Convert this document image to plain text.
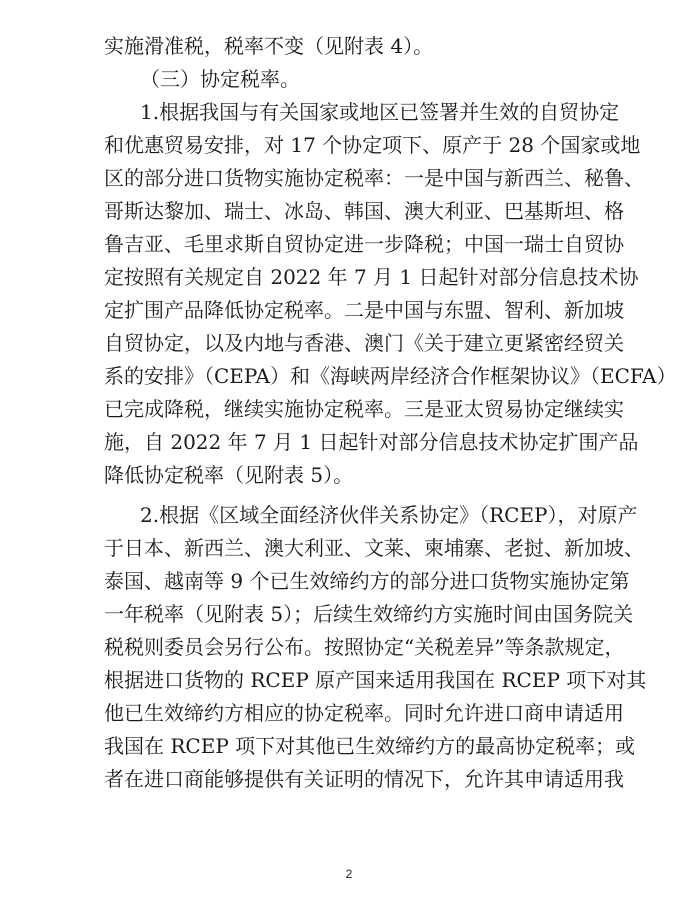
实施滑准税，税率不变（见附表 4）。
（三）协定税率。
1.根据我国与有关国家或地区已签署并生效的自贸协定
和优惠贸易安排，对 17 个协定项下、原产于 28 个国家或地
区的部分进口货物实施协定税率：一是中国与新西兰、秘鲁、
哥斯达黎加、瑞士、冰岛、韩国、澳大利亚、巴基斯坦、格
鲁吉亚、毛里求斯自贸协定进一步降税；中国一瑞士自贸协
定按照有关规定自 2022 年 7 月 1 日起针对部分信息技术协
定扩围产品降低协定税率。二是中国与东盟、智利、新加坡
自贸协定，以及内地与香港、澳门《关于建立更紧密经贸关
系的安排》（CEPA）和《海峡两岸经济合作框架协议》（ECFA）
已完成降税，继续实施协定税率。三是亚太贸易协定继续实
施，自 2022 年 7 月 1 日起针对部分信息技术协定扩围产品
降低协定税率（见附表 5）。
2.根据《区域全面经济伙伴关系协定》（RCEP），对原产
于日本、新西兰、澳大利亚、文莱、柬埔寨、老挝、新加坡、
泰国、越南等 9 个已生效缔约方的部分进口货物实施协定第
一年税率（见附表 5）；后续生效缔约方实施时间由国务院关
税税则委员会另行公布。按照协定“关税差异”等条款规定，
根据进口货物的 RCEP 原产国来适用我国在 RCEP 项下对其
他已生效缔约方相应的协定税率。同时允许进口商申请适用
我国在 RCEP 项下对其他已生效缔约方的最高协定税率；或
者在进口商能够提供有关证明的情况下，允许其申请适用我
2
